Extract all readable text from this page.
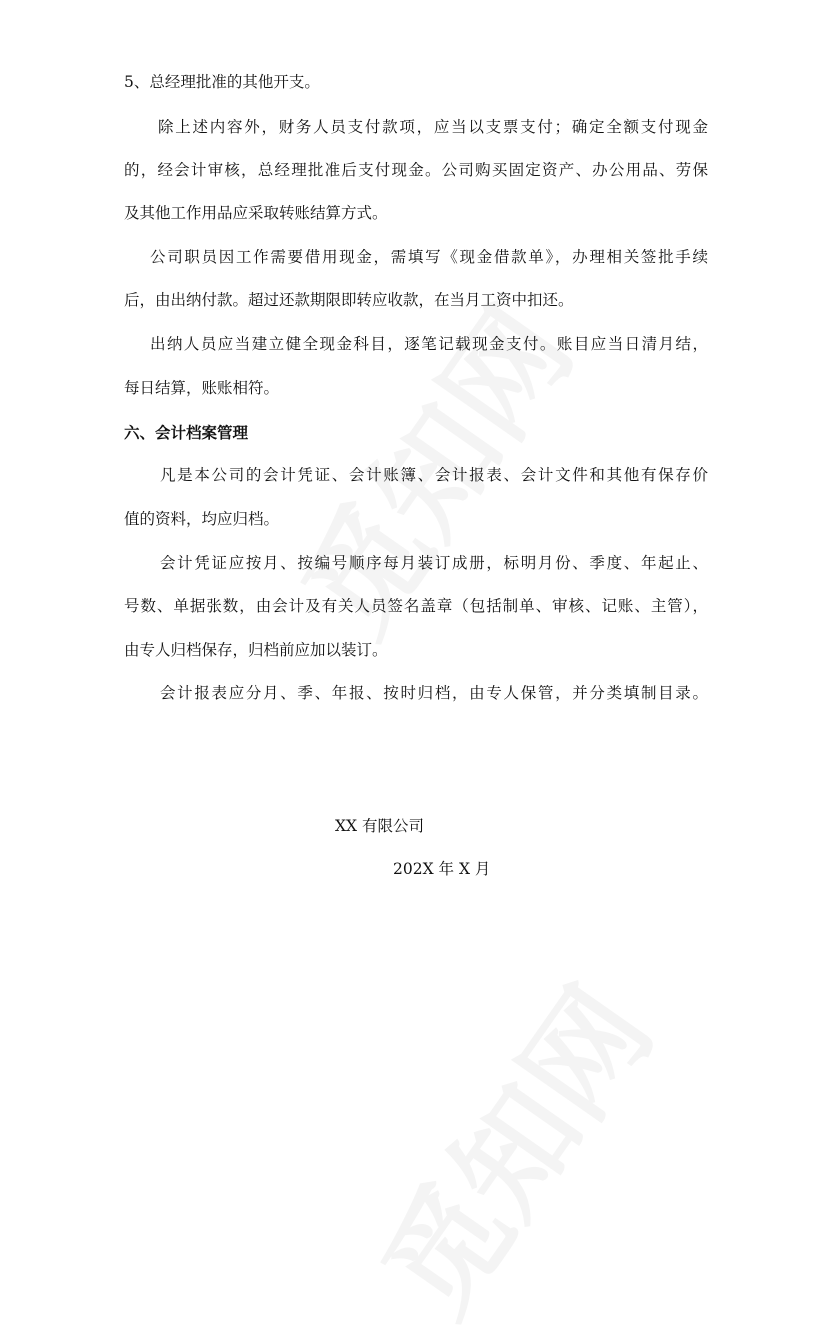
5、总经理批准的其他开支。
除上述内容外，财务人员支付款项，应当以支票支付；确定全额支付现金
的，经会计审核，总经理批准后支付现金。公司购买固定资产、办公用品、劳保
及其他工作用品应采取转账结算方式。
公司职员因工作需要借用现金，需填写《现金借款单》，办理相关签批手续
后，由出纳付款。超过还款期限即转应收款，在当月工资中扣还。
出纳人员应当建立健全现金科目，逐笔记载现金支付。账目应当日清月结，
每日结算，账账相符。
六、会计档案管理
凡是本公司的会计凭证、会计账簿、会计报表、会计文件和其他有保存价
值的资料，均应归档。
会计凭证应按月、按编号顺序每月装订成册，标明月份、季度、年起止、
号数、单据张数，由会计及有关人员签名盖章（包括制单、审核、记账、主管），
由专人归档保存，归档前应加以装订。
会计报表应分月、季、年报、按时归档，由专人保管，并分类填制目录。
XX 有限公司
202X 年 X 月
